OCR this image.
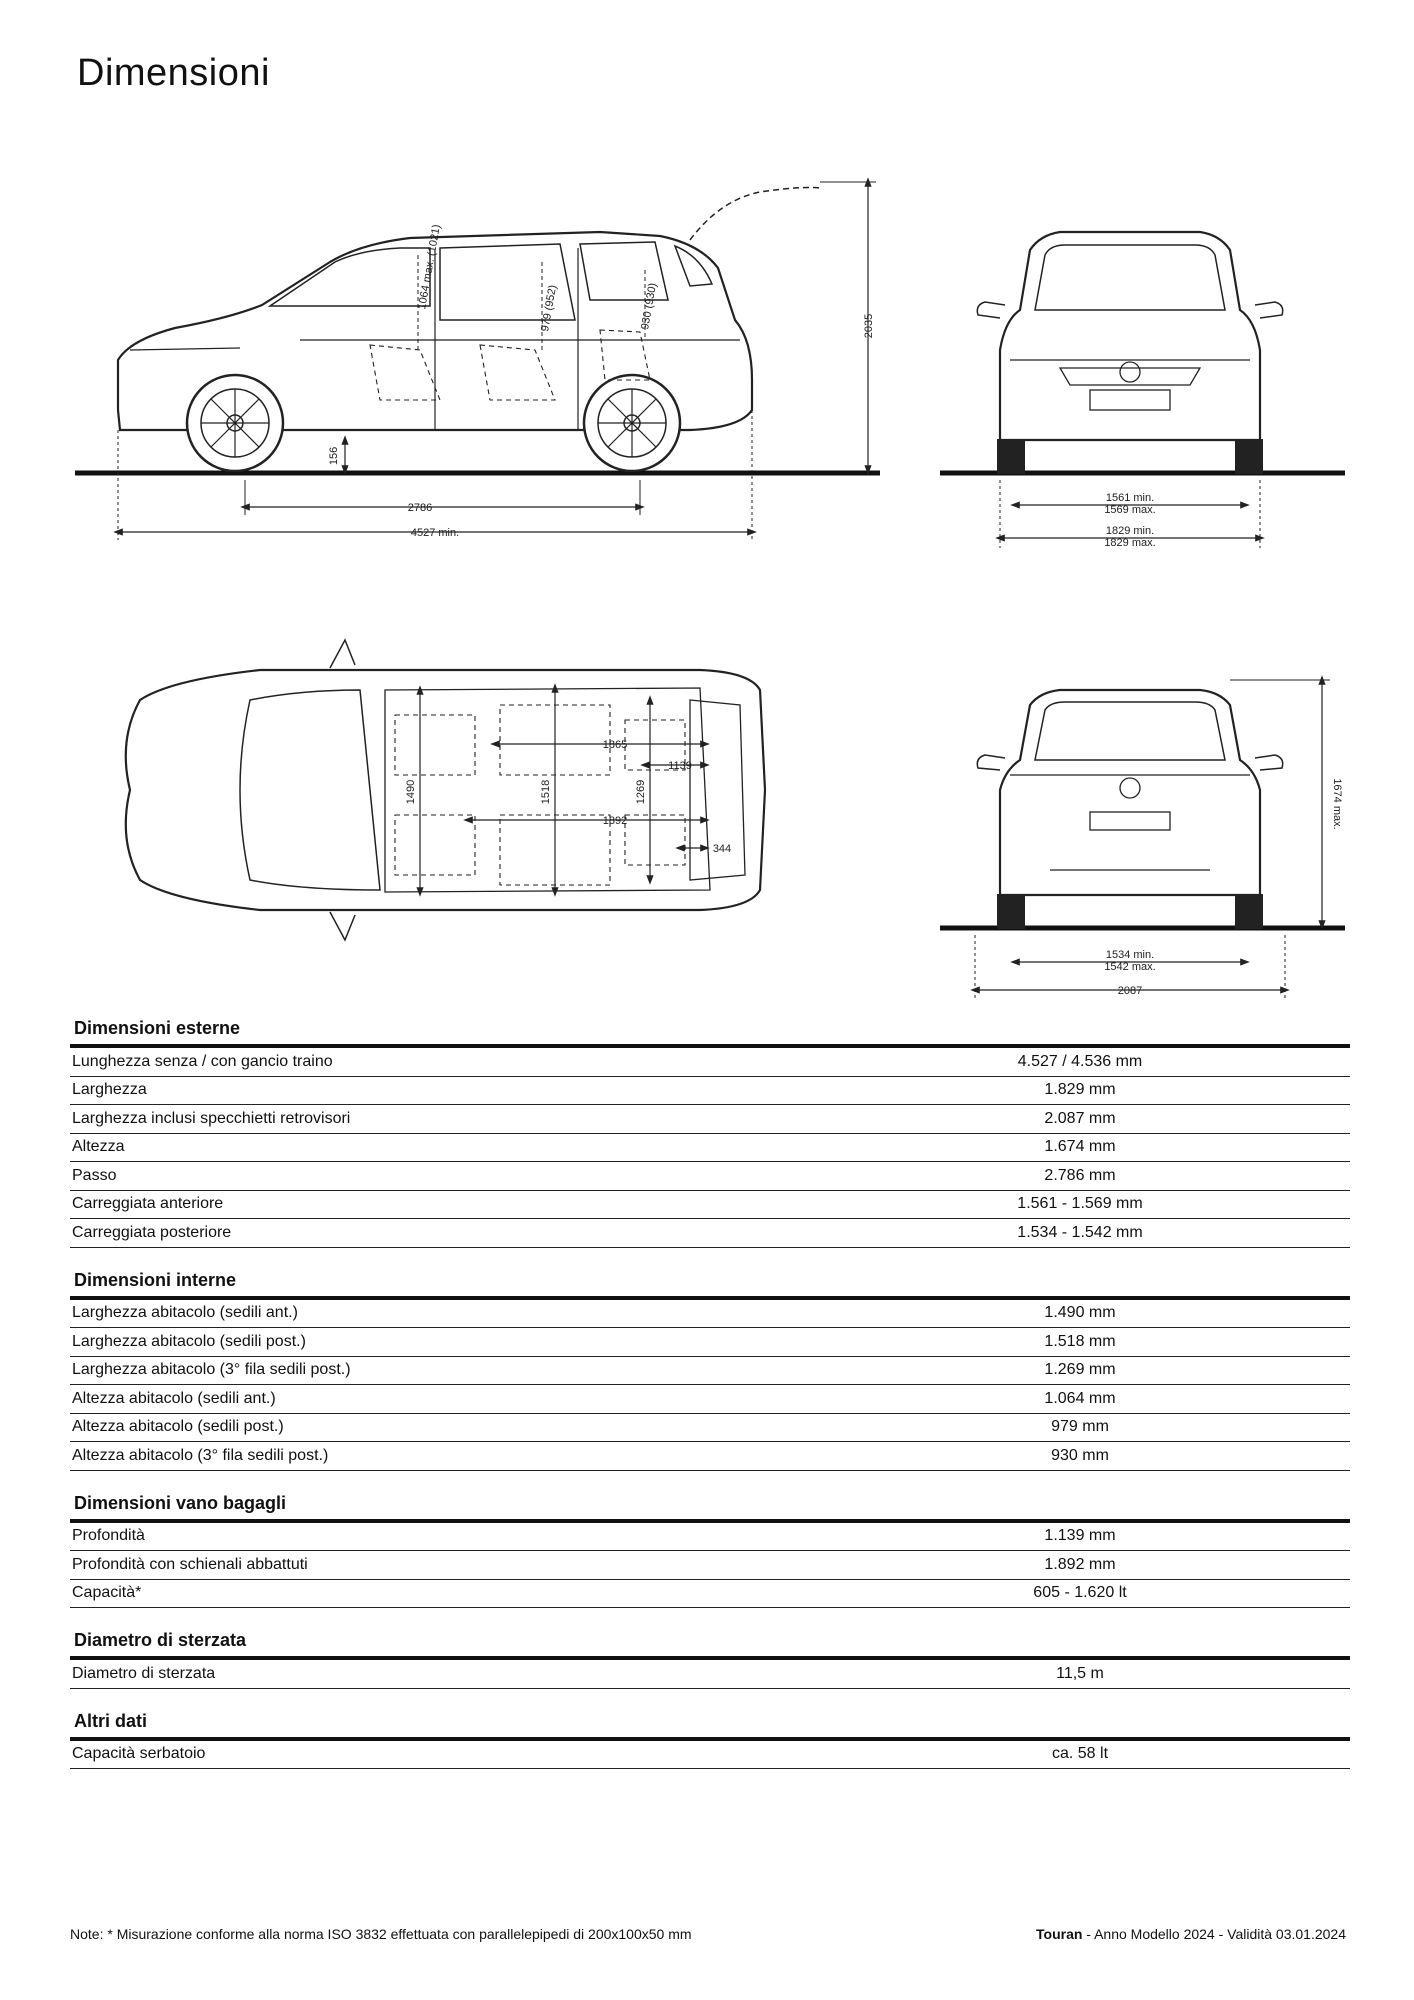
Dimensioni
2786
4527 min.
2035
156
1064 max. (1021)	979 (952)	930 (930)
1561 min.
1569 max.
1829 min.
1829 max.
1865
1139
1892
344
1490	1518	1269
1534 min.
1542 max.
2087
1674 max.
Dimensioni esterne
Lunghezza senza / con gancio traino	4.527 / 4.536 mm
Larghezza	1.829 mm
Larghezza inclusi specchietti retrovisori	2.087 mm
Altezza	1.674 mm
Passo	2.786 mm
Carreggiata anteriore	1.561 - 1.569 mm
Carreggiata posteriore	1.534 - 1.542 mm
Dimensioni interne
Larghezza abitacolo (sedili ant.)	1.490 mm
Larghezza abitacolo (sedili post.)	1.518 mm
Larghezza abitacolo (3° fila sedili post.)	1.269 mm
Altezza abitacolo (sedili ant.)	1.064 mm
Altezza abitacolo (sedili post.)	979 mm
Altezza abitacolo (3° fila sedili post.)	930 mm
Dimensioni vano bagagli
Profondità	1.139 mm
Profondità con schienali abbattuti	1.892 mm
Capacità*	605 - 1.620 lt
Diametro di sterzata
Diametro di sterzata	11,5 m
Altri dati
Capacità serbatoio	ca. 58 lt
Note: * Misurazione conforme alla norma ISO 3832 effettuata con parallelepipedi di 200x100x50 mm	Touran - Anno Modello 2024 - Validità 03.01.2024
